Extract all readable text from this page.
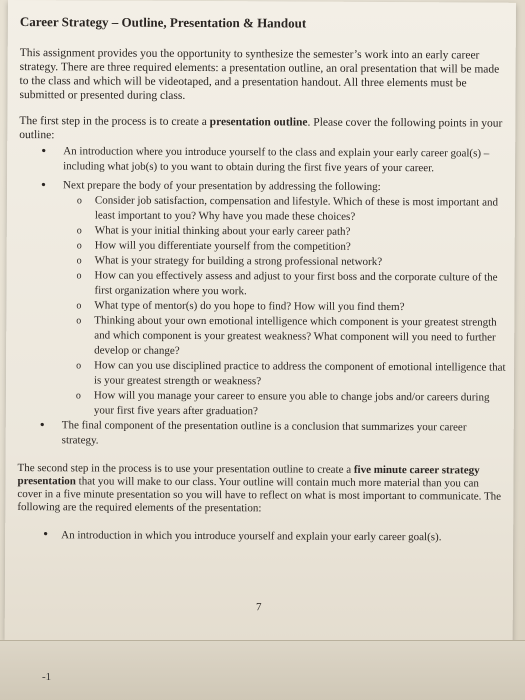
Career Strategy – Outline, Presentation & Handout

This assignment provides you the opportunity to synthesize the semester’s work into an early career strategy. There are three required elements: a presentation outline, an oral presentation that will be made to the class and which will be videotaped, and a presentation handout. All three elements must be submitted or presented during class.

The first step in the process is to create a presentation outline. Please cover the following points in your outline:

• An introduction where you introduce yourself to the class and explain your early career goal(s) – including what job(s) to you want to obtain during the first five years of your career.
• Next prepare the body of your presentation by addressing the following:
o Consider job satisfaction, compensation and lifestyle. Which of these is most important and least important to you? Why have you made these choices?
o What is your initial thinking about your early career path?
o How will you differentiate yourself from the competition?
o What is your strategy for building a strong professional network?
o How can you effectively assess and adjust to your first boss and the corporate culture of the first organization where you work.
o What type of mentor(s) do you hope to find? How will you find them?
o Thinking about your own emotional intelligence which component is your greatest strength and which component is your greatest weakness? What component will you need to further develop or change?
o How can you use disciplined practice to address the component of emotional intelligence that is your greatest strength or weakness?
o How will you manage your career to ensure you able to change jobs and/or careers during your first five years after graduation?
• The final component of the presentation outline is a conclusion that summarizes your career strategy.

The second step in the process is to use your presentation outline to create a five minute career strategy presentation that you will make to our class. Your outline will contain much more material than you can cover in a five minute presentation so you will have to reflect on what is most important to communicate. The following are the required elements of the presentation:

• An introduction in which you introduce yourself and explain your early career goal(s).
7
-1
